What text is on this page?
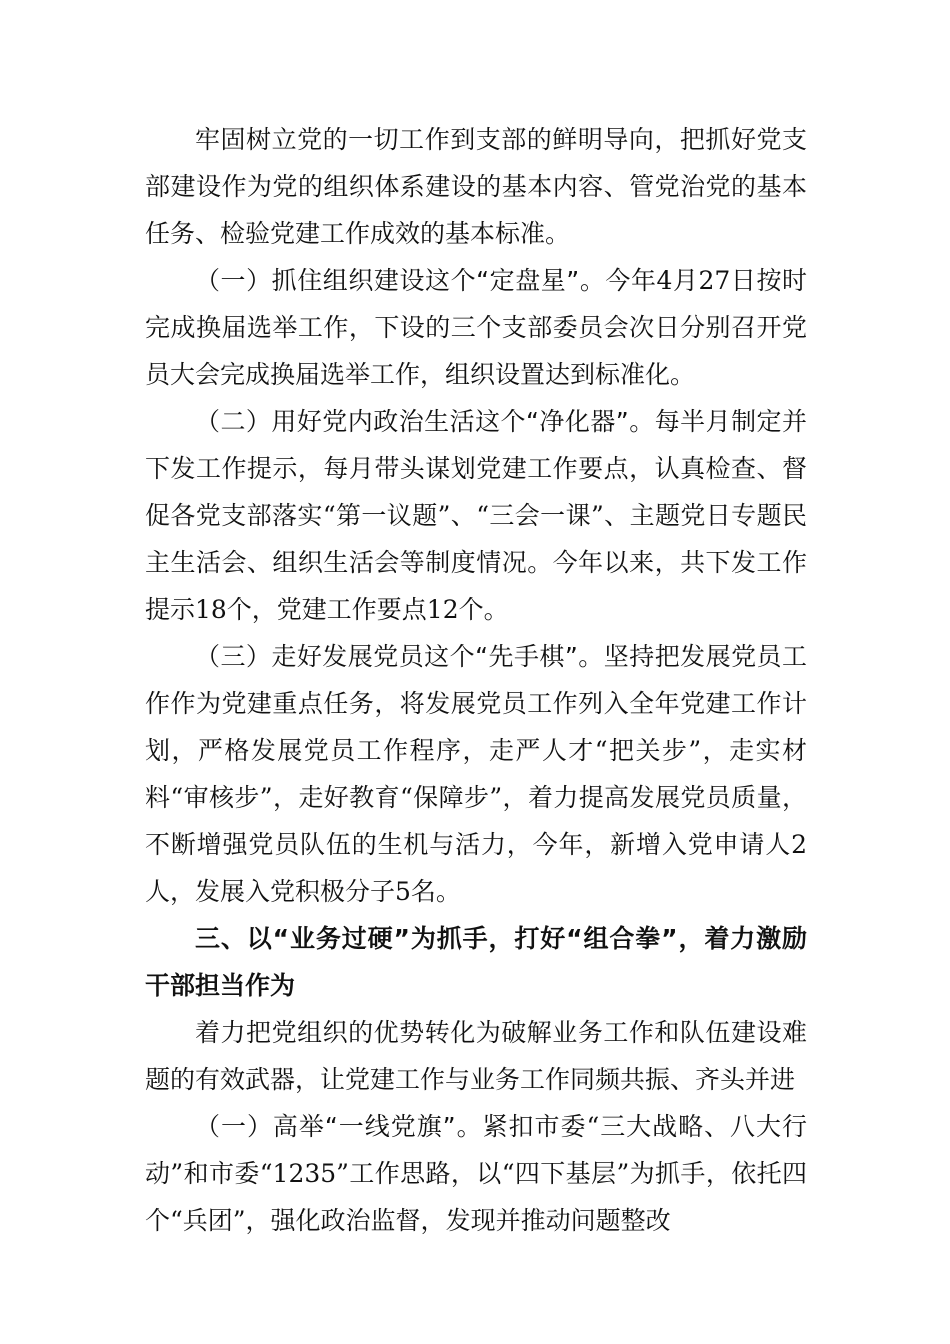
牢固树立党的一切工作到支部的鲜明导向，把抓好党支部建设作为党的组织体系建设的基本内容、管党治党的基本任务、检验党建工作成效的基本标准。

（一）抓住组织建设这个“定盘星”。今年4月27日按时完成换届选举工作，下设的三个支部委员会次日分别召开党员大会完成换届选举工作，组织设置达到标准化。

（二）用好党内政治生活这个“净化器”。每半月制定并下发工作提示，每月带头谋划党建工作要点，认真检查、督促各党支部落实“第一议题”、“三会一课”、主题党日专题民主生活会、组织生活会等制度情况。今年以来，共下发工作提示18个，党建工作要点12个。

（三）走好发展党员这个“先手棋”。坚持把发展党员工作作为党建重点任务，将发展党员工作列入全年党建工作计划，严格发展党员工作程序，走严人才“把关步”，走实材料“审核步”，走好教育“保障步”，着力提高发展党员质量，不断增强党员队伍的生机与活力，今年，新增入党申请人2人，发展入党积极分子5名。

三、以“业务过硬”为抓手，打好“组合拳”，着力激励干部担当作为

着力把党组织的优势转化为破解业务工作和队伍建设难题的有效武器，让党建工作与业务工作同频共振、齐头并进

（一）高举“一线党旗”。紧扣市委“三大战略、八大行动”和市委“1235”工作思路，以“四下基层”为抓手，依托四个“兵团”，强化政治监督，发现并推动问题整改
